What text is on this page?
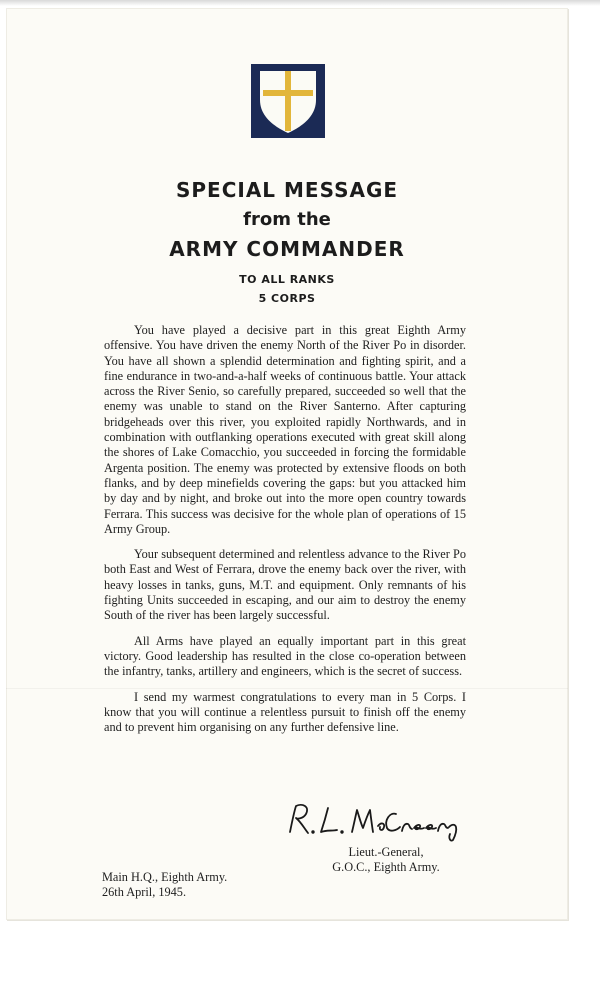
SPECIAL MESSAGE
from the
ARMY COMMANDER
TO ALL RANKS
5 CORPS

You have played a decisive part in this great Eighth Army offensive. You have driven the enemy North of the River Po in disorder. You have all shown a splendid determination and fighting spirit, and a fine endurance in two-and-a-half weeks of continuous battle. Your attack across the River Senio, so carefully prepared, succeeded so well that the enemy was unable to stand on the River Santerno. After capturing bridgeheads over this river, you exploited rapidly Northwards, and in combination with outflanking operations executed with great skill along the shores of Lake Comacchio, you succeeded in forcing the formidable Argenta position. The enemy was protected by extensive floods on both flanks, and by deep minefields covering the gaps: but you attacked him by day and by night, and broke out into the more open country towards Ferrara. This success was decisive for the whole plan of operations of 15 Army Group.

Your subsequent determined and relentless advance to the River Po both East and West of Ferrara, drove the enemy back over the river, with heavy losses in tanks, guns, M.T. and equipment. Only remnants of his fighting Units succeeded in escaping, and our aim to destroy the enemy South of the river has been largely successful.

All Arms have played an equally important part in this great victory. Good leadership has resulted in the close co-operation between the infantry, tanks, artillery and engineers, which is the secret of success.

I send my warmest congratulations to every man in 5 Corps. I know that you will continue a relentless pursuit to finish off the enemy and to prevent him organising on any further defensive line.

Lieut.-General,
G.O.C., Eighth Army.
Main H.Q., Eighth Army.
26th April, 1945.
